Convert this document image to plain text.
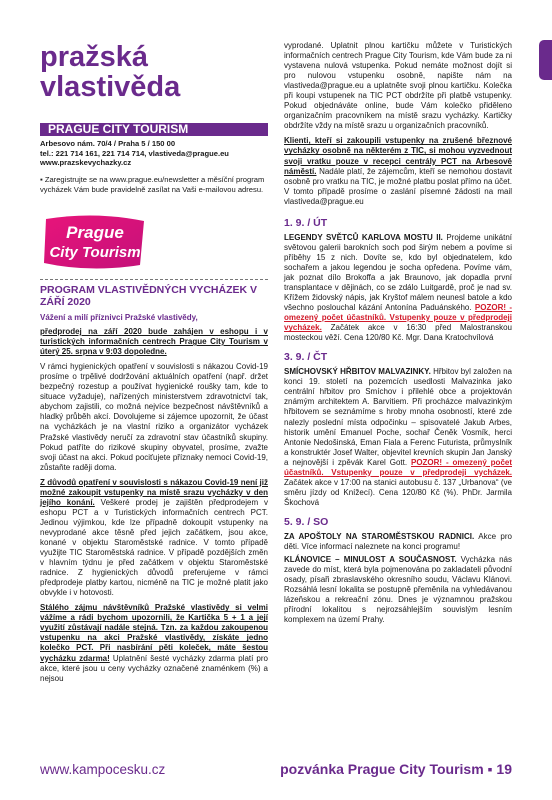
pražská
vlastivěda
PRAGUE CITY TOURISM
Arbesovo nám. 70/4 / Praha 5 / 150 00
tel.: 221 714 161, 221 714 714, vlastiveda@prague.eu
www.prazskevychazky.cz
▪ Zaregistrujte se na www.prague.eu/newsletter a měsíční program vycházek Vám bude pravidelně zasílat na Vaši e-mailovou adresu.
Prague
City Tourism
PROGRAM VLASTIVĚDNÝCH VYCHÁZEK V ZÁŘÍ 2020

Vážení a milí příznivci Pražské vlastivědy,

předprodej na září 2020 bude zahájen v eshopu i v turistických informačních centrech Prague City Tourism v úterý 25. srpna v 9:03 dopoledne.

V rámci hygienických opatření v souvislosti s nákazou Covid-19 prosíme o trpělivé dodržování aktuálních opatření (např. držet bezpečný rozestup a používat hygienické roušky tam, kde to situace vyžaduje), nařízených ministerstvem zdravotnictví tak, abychom zajistili, co možná nejvíce bezpečnost návštěvníků a hladký průběh akcí. Dovolujeme si zájemce upozornit, že účast na vycházkách je na vlastní riziko a organizátor vycházek Pražské vlastivědy neručí za zdravotní stav účastníků skupiny. Pokud patříte do rizikové skupiny obyvatel, prosíme, zvažte svoji účast na akci. Pokud pociťujete příznaky nemoci Covid-19, zůstaňte raději doma.

Z důvodů opatření v souvislosti s nákazou Covid-19 není již možné zakoupit vstupenky na místě srazu vycházky v den jejího konání. Veškeré prodej je zajištěn předprodejem v eshopu PCT a v Turistických informačních centrech PCT. Jedinou výjimkou, kde lze případně dokoupit vstupenky na nevyprodané akce těsně před jejich začátkem, jsou akce, konané v objektu Staroměstské radnice. V tomto případě využijte TIC Staroměstská radnice. V případě pozdějších změn v hlavním týdnu je před začátkem v objektu Staroměstské radnice. Z hygienických důvodů preferujeme v rámci předprodeje platby kartou, nicméně na TIC je možné platit jako obvykle i v hotovosti.

Stálého zájmu návštěvníků Pražské vlastivědy si velmi vážíme a rádi bychom upozornili, že Kartička 5 + 1 a její využití zůstávají nadále stejná. Tzn. za každou zakoupenou vstupenku na akci Pražské vlastivědy, získáte jedno kolečko PCT. Při nasbírání pěti koleček, máte šestou vycházku zdarma! Uplatnění šesté vycházky zdarma platí pro akce, které jsou u ceny vycházky označené znaménkem (%) a nejsou

vyprodané. Uplatnit plnou kartičku můžete v Turistických informačních centrech Prague City Tourism, kde Vám bude za ni vystavena nulová vstupenka. Pokud nemáte možnost dojít si pro nulovou vstupenku osobně, napište nám na vlastiveda@prague.eu a uplatněte svoji plnou kartičku. Kolečka při koupi vstupenek na TIC PCT obdržíte při platbě vstupenky. Pokud objednáváte online, bude Vám kolečko přiděleno organizačním pracovníkem na místě srazu vycházky. Kartičky obdržíte vždy na místě srazu u organizačních pracovníků.

Klienti, kteří si zakoupili vstupenky na zrušené březnové vycházky osobně na některém z TIC, si mohou vyzvednout svoji vratku pouze v recepci centrály PCT na Arbesově náměstí. Nadále platí, že zájemcům, kteří se nemohou dostavit osobně pro vratku na TIC, je možné platbu poslat přímo na účet. V tomto případě prosíme o zaslání písemné žádosti na mail vlastiveda@prague.eu

1. 9. / ÚT

LEGENDY SVĚTCŮ KARLOVA MOSTU II. Projdeme unikátní světovou galerii barokních soch pod širým nebem a povíme si příběhy 15 z nich. Dovíte se, kdo byl objednatelem, kdo sochařem a jakou legendou je socha opředena. Povíme vám, jak poznat dílo Brokoffa a jak Braunovo, jak dopadla první transplantace v dějinách, co se zdálo Luitgardě, proč je nad sv. Křížem židovský nápis, jak Kryštof málem neunesl batole a kdo všechno poslouchal kázání Antonína Paduánského. POZOR! - omezený počet účastníků. Vstupenky pouze v předprodeji vycházek. Začátek akce v 16:30 před Malostranskou mosteckou věží. Cena 120/80 Kč. Mgr. Dana Kratochvílová

3. 9. / ČT

SMÍCHOVSKÝ HŘBITOV MALVAZINKY. Hřbitov byl založen na konci 19. století na pozemcích usedlosti Malvazinka jako centrální hřbitov pro Smíchov i přilehlé obce a projektován známým architektem A. Barvitiem. Při procházce malvazinkým hřbitovem se seznámíme s hroby mnoha osobností, které zde nalezly poslední místa odpočinku – spisovatelé Jakub Arbes, historik umění Emanuel Poche, sochař Čeněk Vosmík, herci Antonie Nedošinská, Eman Fiala a Ferenc Futurista, průmyslník a konstruktér Josef Walter, objevitel krevních skupin Jan Janský a nejnovější i zpěvák Karel Gott. POZOR! - omezený počet účastníků. Vstupenky pouze v předprodeji vycházek. Začátek akce v 17:00 na stanici autobusu č. 137 „Urbanova“ (ve směru jízdy od Knížecí). Cena 120/80 Kč (%). PhDr. Jarmila Škochová

5. 9. / SO

ZA APOŠTOLY NA STAROMĚSTSKOU RADNICI. Akce pro děti. Více informací naleznete na konci programu!

KLÁNOVICE – MINULOST A SOUČASNOST. Vycházka nás zavede do míst, která byla pojmenována po zakladateli původní osady, písaři zbraslavského okresního soudu, Václavu Klánovi. Rozsáhlá lesní lokalita se postupně přeměnila na vyhledávanou lázeňskou a rekreační zónu. Dnes je významnou pražskou přírodní lokalitou s nejrozsáhlejším souvislým lesním komplexem na území Prahy.

www.kampocesku.cz	pozvánka Prague City Tourism ▪ 19
